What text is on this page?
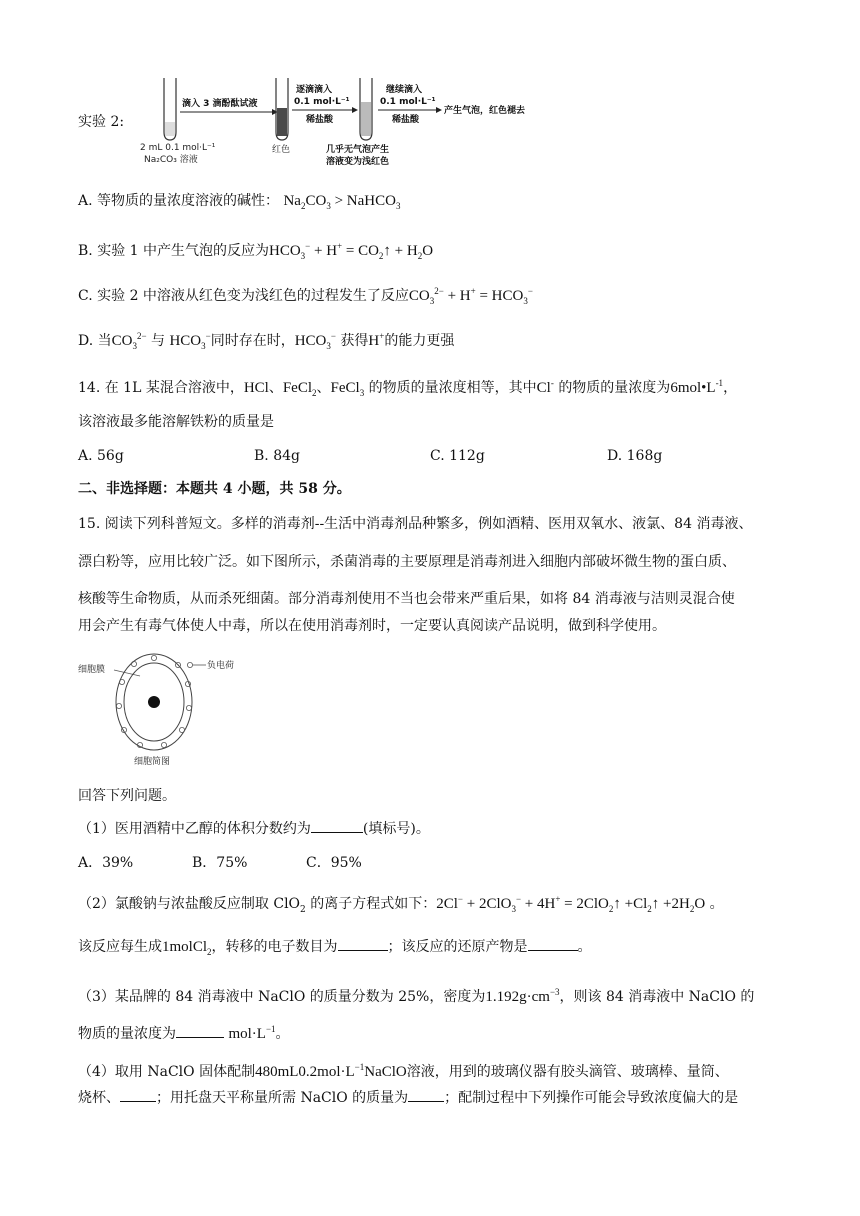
实验 2:
2 mL 0.1 mol·L⁻¹
Na₂CO₃ 溶液
滴入 3 滴酚酞试液
红色
逐滴滴入
0.1 mol·L⁻¹
稀盐酸
几乎无气泡产生
溶液变为浅红色
继续滴入
0.1 mol·L⁻¹
稀盐酸
产生气泡，红色褪去
A. 等物质的量浓度溶液的碱性： $Na_2CO_3$ > NaHCO$_3$
B. 实验 1 中产生气泡的反应为$HCO_3^- + H^+$ = $CO_2↑ + H_2O$
C. 实验 2 中溶液从红色变为浅红色的过程发生了反应$CO_3^{2-} + H^+ = HCO_3^-$
D. 当$CO_3^{2-}$ 与 $HCO_3^-$同时存在时，$HCO_3^-$ 获得H+的能力更强
14. 在 1L 某混合溶液中，HCl、FeCl$_2$、FeCl$_3$ 的物质的量浓度相等，其中Cl- 的物质的量浓度为$6mol•L^{-1}$，
该溶液最多能溶解铁粉的质量是
A. 56g	B. 84g	C. 112g	D. 168g
二、非选择题：本题共 4 小题，共 58 分。
15. 阅读下列科普短文。多样的消毒剂--生活中消毒剂品种繁多，例如酒精、医用双氧水、液氯、84 消毒液、
漂白粉等，应用比较广泛。如下图所示，杀菌消毒的主要原理是消毒剂进入细胞内部破坏微生物的蛋白质、
核酸等生命物质，从而杀死细菌。部分消毒剂使用不当也会带来严重后果，如将 84 消毒液与洁则灵混合使
用会产生有毒气体使人中毒，所以在使用消毒剂时，一定要认真阅读产品说明，做到科学使用。
细胞膜	负电荷
细胞简图
回答下列问题。
（1）医用酒精中乙醇的体积分数约为	(填标号)。
A．39%	B．75%	C．95%
（2）氯酸钠与浓盐酸反应制取 ClO$_2$ 的离子方程式如下：2Cl− + 2ClO$_3$− + 4H+ = 2ClO$_2$↑ $+Cl_2↑ +2H_2O$ 。
该反应每生成1molCl$_2$，转移的电子数目为	；该反应的还原产物是	。
（3）某品牌的 84 消毒液中 NaClO 的质量分数为 25%，密度为$1.192g\cdot cm^{-3}$，则该 84 消毒液中 NaClO 的
物质的量浓度为	$mol\cdot L^{-1}$。
（4）取用 NaClO 固体配制$480mL0.2mol\cdot L^{-1}NaClO$溶液，用到的玻璃仪器有胶头滴管、玻璃棒、量筒、
烧杯、	；用托盘天平称量所需 NaClO 的质量为	；配制过程中下列操作可能会导致浓度偏大的是
